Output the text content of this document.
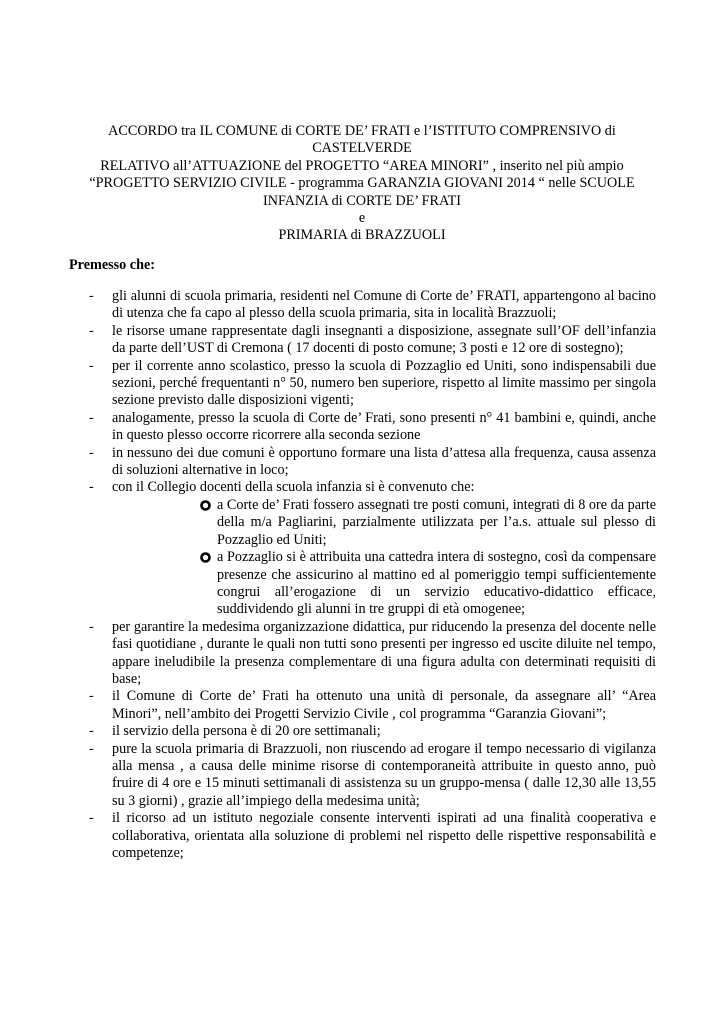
ACCORDO tra IL COMUNE di CORTE DE’ FRATI e l’ISTITUTO COMPRENSIVO di
CASTELVERDE
RELATIVO all’ATTUAZIONE del PROGETTO “AREA MINORI” , inserito nel più ampio
“PROGETTO SERVIZIO CIVILE - programma GARANZIA GIOVANI 2014 “ nelle SCUOLE
INFANZIA di CORTE DE’ FRATI
e
PRIMARIA di BRAZZUOLI
Premesso che:
- gli alunni di scuola primaria, residenti nel Comune di Corte de’ FRATI, appartengono al bacino di utenza che fa capo al plesso della scuola primaria, sita in località Brazzuoli;
- le risorse umane rappresentate dagli insegnanti a disposizione, assegnate sull’OF dell’infanzia da parte dell’UST di Cremona ( 17 docenti di posto comune; 3 posti e 12 ore di sostegno);
- per il corrente anno scolastico, presso la scuola di Pozzaglio ed Uniti, sono indispensabili due sezioni, perché frequentanti n° 50, numero ben superiore, rispetto al limite massimo per singola sezione previsto dalle disposizioni vigenti;
- analogamente, presso la scuola di Corte de’ Frati, sono presenti n° 41 bambini e, quindi, anche in questo plesso occorre ricorrere alla seconda sezione
- in nessuno dei due comuni è opportuno formare una lista d’attesa alla frequenza, causa assenza di soluzioni alternative in loco;
- con il Collegio docenti della scuola infanzia si è convenuto che:
a Corte de’ Frati fossero assegnati tre posti comuni, integrati di 8 ore da parte della m/a Pagliarini, parzialmente utilizzata per l’a.s. attuale sul plesso di Pozzaglio ed Uniti;
a Pozzaglio si è attribuita una cattedra intera di sostegno, così da compensare presenze che assicurino al mattino ed al pomeriggio tempi sufficientemente congrui all’erogazione di un servizio educativo-didattico efficace, suddividendo gli alunni in tre gruppi di età omogenee;
- per garantire la medesima organizzazione didattica, pur riducendo la presenza del docente nelle fasi quotidiane , durante le quali non tutti sono presenti per ingresso ed uscite diluite nel tempo, appare ineludibile la presenza complementare di una figura adulta con determinati requisiti di base;
- il Comune di Corte de’ Frati ha ottenuto una unità di personale, da assegnare all’ “Area Minori”, nell’ambito dei Progetti Servizio Civile , col programma “Garanzia Giovani”;
- il servizio della persona è di 20 ore settimanali;
- pure la scuola primaria di Brazzuoli, non riuscendo ad erogare il tempo necessario di vigilanza alla mensa , a causa delle minime risorse di contemporaneità attribuite in questo anno, può fruire di 4 ore e 15 minuti settimanali di assistenza su un gruppo-mensa ( dalle 12,30 alle 13,55 su 3 giorni) , grazie all’impiego della medesima unità;
- il ricorso ad un istituto negoziale consente interventi ispirati ad una finalità cooperativa e collaborativa, orientata alla soluzione di problemi nel rispetto delle rispettive responsabilità e competenze;
